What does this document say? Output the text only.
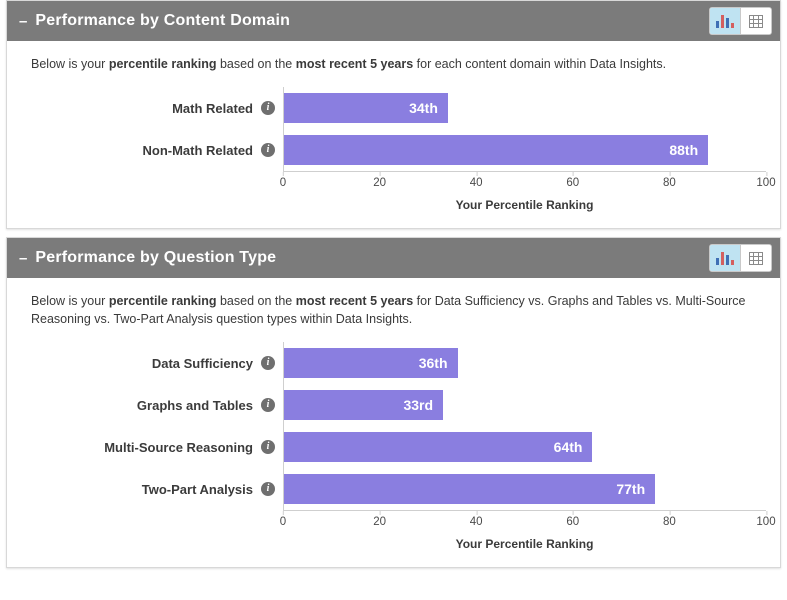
– Performance by Content Domain

Below is your percentile ranking based on the most recent 5 years for each content domain within Data Insights.

Math Related	i
Non-Math Related	i
34th
88th
0	20	40	60	80	100
Your Percentile Ranking
– Performance by Question Type

Below is your percentile ranking based on the most recent 5 years for Data Sufficiency vs. Graphs and Tables vs. Multi-Source Reasoning vs. Two-Part Analysis question types within Data Insights.

Data Sufficiency	i
Graphs and Tables	i
Multi-Source Reasoning	i
Two-Part Analysis	i
36th
33rd
64th
77th
0	20	40	60	80	100
Your Percentile Ranking
